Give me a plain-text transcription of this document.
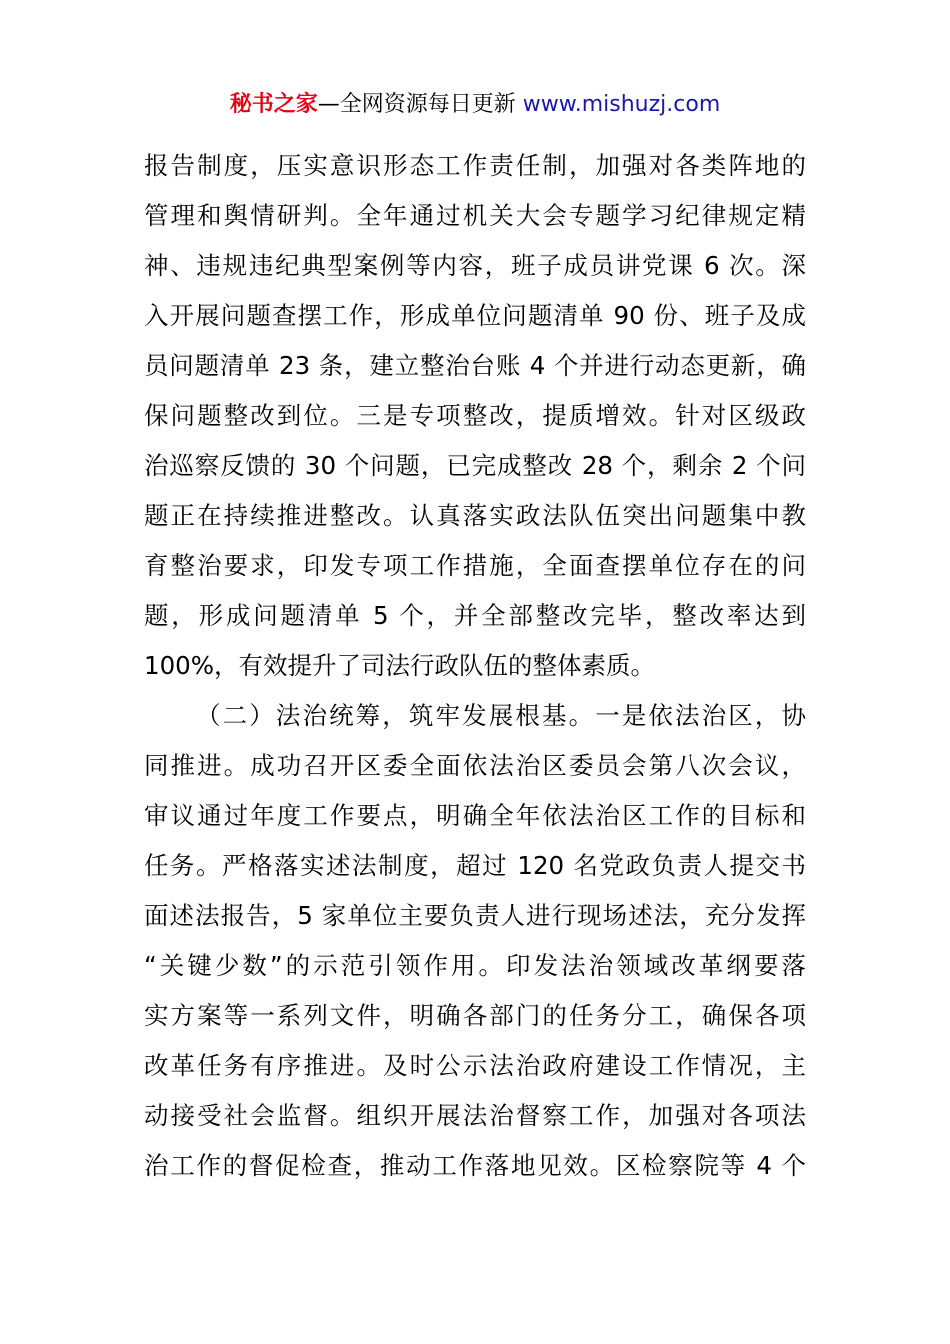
秘书之家—全网资源每日更新 www.mishuzj.com
报告制度，压实意识形态工作责任制，加强对各类阵地的
管理和舆情研判。全年通过机关大会专题学习纪律规定精
神、违规违纪典型案例等内容，班子成员讲党课 6 次。深
入开展问题查摆工作，形成单位问题清单 90 份、班子及成
员问题清单 23 条，建立整治台账 4 个并进行动态更新，确
保问题整改到位。三是专项整改，提质增效。针对区级政
治巡察反馈的 30 个问题，已完成整改 28 个，剩余 2 个问
题正在持续推进整改。认真落实政法队伍突出问题集中教
育整治要求，印发专项工作措施，全面查摆单位存在的问
题，形成问题清单 5 个，并全部整改完毕，整改率达到
100%，有效提升了司法行政队伍的整体素质。
（二）法治统筹，筑牢发展根基。一是依法治区，协
同推进。成功召开区委全面依法治区委员会第八次会议，
审议通过年度工作要点，明确全年依法治区工作的目标和
任务。严格落实述法制度，超过 120 名党政负责人提交书
面述法报告，5 家单位主要负责人进行现场述法，充分发挥
“关键少数”的示范引领作用。印发法治领域改革纲要落
实方案等一系列文件，明确各部门的任务分工，确保各项
改革任务有序推进。及时公示法治政府建设工作情况，主
动接受社会监督。组织开展法治督察工作，加强对各项法
治工作的督促检查，推动工作落地见效。区检察院等 4 个
